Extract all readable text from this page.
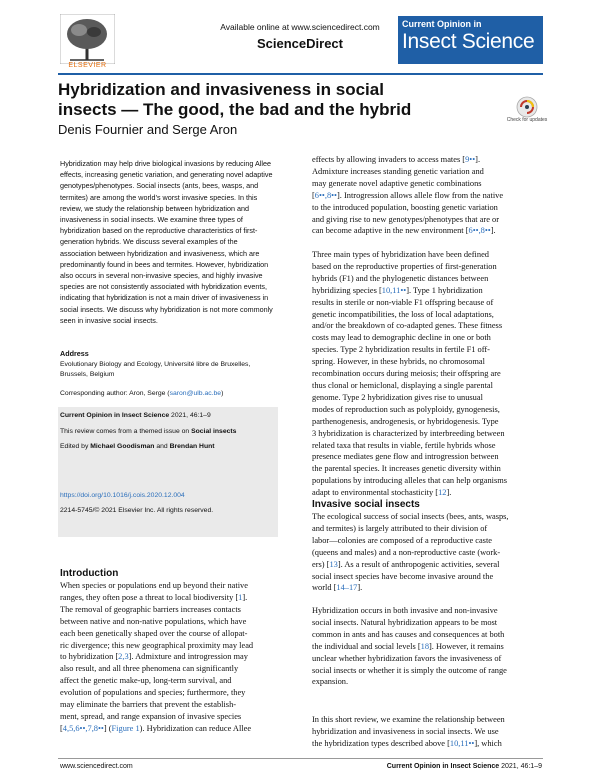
ELSEVIER
Available online at www.sciencedirect.com
ScienceDirect
Current Opinion in
Insect Science
Hybridization and invasiveness in social
insects — The good, the bad and the hybrid
Denis Fournier and Serge Aron
Check for updates
Hybridization may help drive biological invasions by reducing Allee effects, increasing genetic variation, and generating novel adaptive genotypes/phenotypes. Social insects (ants, bees, wasps, and termites) are among the world’s worst invasive species. In this review, we study the relationship between hybridization and invasiveness in social insects. We examine three types of hybridization based on the reproductive characteristics of first-generation hybrids. We discuss several examples of the association between hybridization and invasiveness, which are predominantly found in bees and termites. However, hybridization also occurs in several non-invasive species, and highly invasive species are not consistently associated with hybridization events, indicating that hybridization is not a main driver of invasiveness in social insects. We discuss why hybridization is not more commonly seen in invasive social insects.
Address
Evolutionary Biology and Ecology, Université libre de Bruxelles,
Brussels, Belgium
Corresponding author: Aron, Serge (saron@ulb.ac.be)
Current Opinion in Insect Science 2021, 46:1–9
This review comes from a themed issue on Social insects
Edited by Michael Goodisman and Brendan Hunt
https://doi.org/10.1016/j.cois.2020.12.004
2214-5745/© 2021 Elsevier Inc. All rights reserved.
Introduction
When species or populations end up beyond their native
ranges, they often pose a threat to local biodiversity [1].
The removal of geographic barriers increases contacts
between native and non-native populations, which have
each been genetically shaped over the course of allopat-
ric divergence; this new geographical proximity may lead
to hybridization [2,3]. Admixture and introgression may
also result, and all three phenomena can significantly
affect the genetic make-up, long-term survival, and
evolution of populations and species; furthermore, they
may eliminate the barriers that prevent the establish-
ment, spread, and range expansion of invasive species
[4,5,6••,7,8••] (Figure 1). Hybridization can reduce Allee
effects by allowing invaders to access mates [9••].
Admixture increases standing genetic variation and
may generate novel adaptive genetic combinations
[6••,8••]. Introgression allows allele flow from the native
to the introduced population, boosting genetic variation
and giving rise to new genotypes/phenotypes that are or
can become adaptive in the new environment [6••,8••].
Three main types of hybridization have been defined
based on the reproductive properties of first-generation
hybrids (F1) and the phylogenetic distances between
hybridizing species [10,11••]. Type 1 hybridization
results in sterile or non-viable F1 offspring because of
genetic incompatibilities, the loss of local adaptations,
and/or the breakdown of co-adapted genes. These fitness
costs may lead to demographic decline in one or both
species. Type 2 hybridization results in fertile F1 off-
spring. However, in these hybrids, no chromosomal
recombination occurs during meiosis; their offspring are
thus clonal or hemiclonal, displaying a single parental
genome. Type 2 hybridization gives rise to unusual
modes of reproduction such as polyploidy, gynogenesis,
parthenogenesis, androgenesis, or hybridogenesis. Type
3 hybridization is characterized by interbreeding between
related taxa that results in viable, fertile hybrids whose
presence mediates gene flow and introgression between
the parental species. It increases genetic diversity within
populations by introducing alleles that can help organisms
adapt to environmental stochasticity [12].
Invasive social insects
The ecological success of social insects (bees, ants, wasps,
and termites) is largely attributed to their division of
labor—colonies are composed of a reproductive caste
(queens and males) and a non-reproductive caste (work-
ers) [13]. As a result of anthropogenic activities, several
social insect species have become invasive around the
world [14–17].
Hybridization occurs in both invasive and non-invasive
social insects. Natural hybridization appears to be most
common in ants and has causes and consequences at both
the individual and social levels [18]. However, it remains
unclear whether hybridization favors the invasiveness of
social insects or whether it is simply the outcome of range
expansion.
In this short review, we examine the relationship between
hybridization and invasiveness in social insects. We use
the hybridization types described above [10,11••], which
www.sciencedirect.com	Current Opinion in Insect Science 2021, 46:1–9
